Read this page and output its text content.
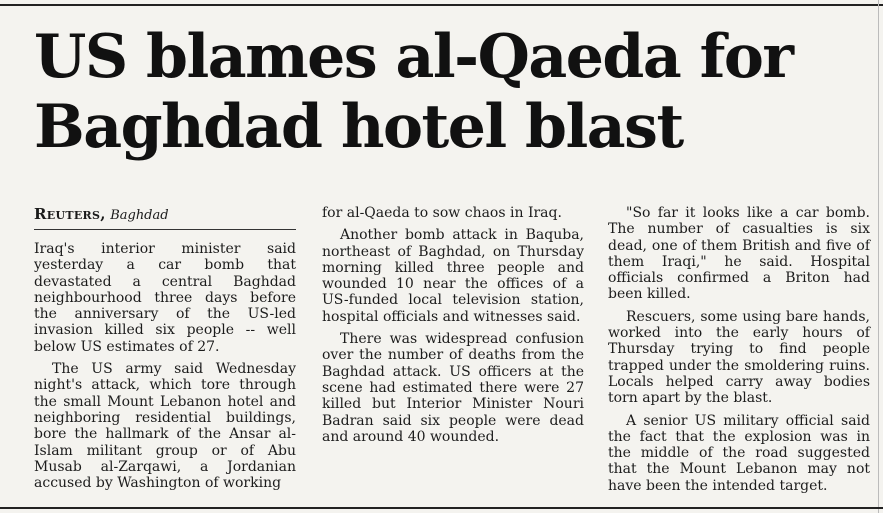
US blames al-Qaeda for
Baghdad hotel blast
Reuters, Baghdad

Iraq's interior minister said yesterday a car bomb that devastated a central Baghdad neighbourhood three days before the anniversary of the US-led invasion killed six people -- well below US estimates of 27.

The US army said Wednesday night's attack, which tore through the small Mount Lebanon hotel and neighboring residential buildings, bore the hallmark of the Ansar al-Islam militant group or of Abu Musab al-Zarqawi, a Jordanian accused by Washington of working

for al-Qaeda to sow chaos in Iraq.

Another bomb attack in Baquba, northeast of Baghdad, on Thursday morning killed three people and wounded 10 near the offices of a US-funded local television station, hospital officials and witnesses said.

There was widespread confusion over the number of deaths from the Baghdad attack. US officers at the scene had estimated there were 27 killed but Interior Minister Nouri Badran said six people were dead and around 40 wounded.

"So far it looks like a car bomb. The number of casualties is six dead, one of them British and five of them Iraqi," he said. Hospital officials confirmed a Briton had been killed.

Rescuers, some using bare hands, worked into the early hours of Thursday trying to find people trapped under the smoldering ruins. Locals helped carry away bodies torn apart by the blast.

A senior US military official said the fact that the explosion was in the middle of the road suggested that the Mount Lebanon may not have been the intended target.
